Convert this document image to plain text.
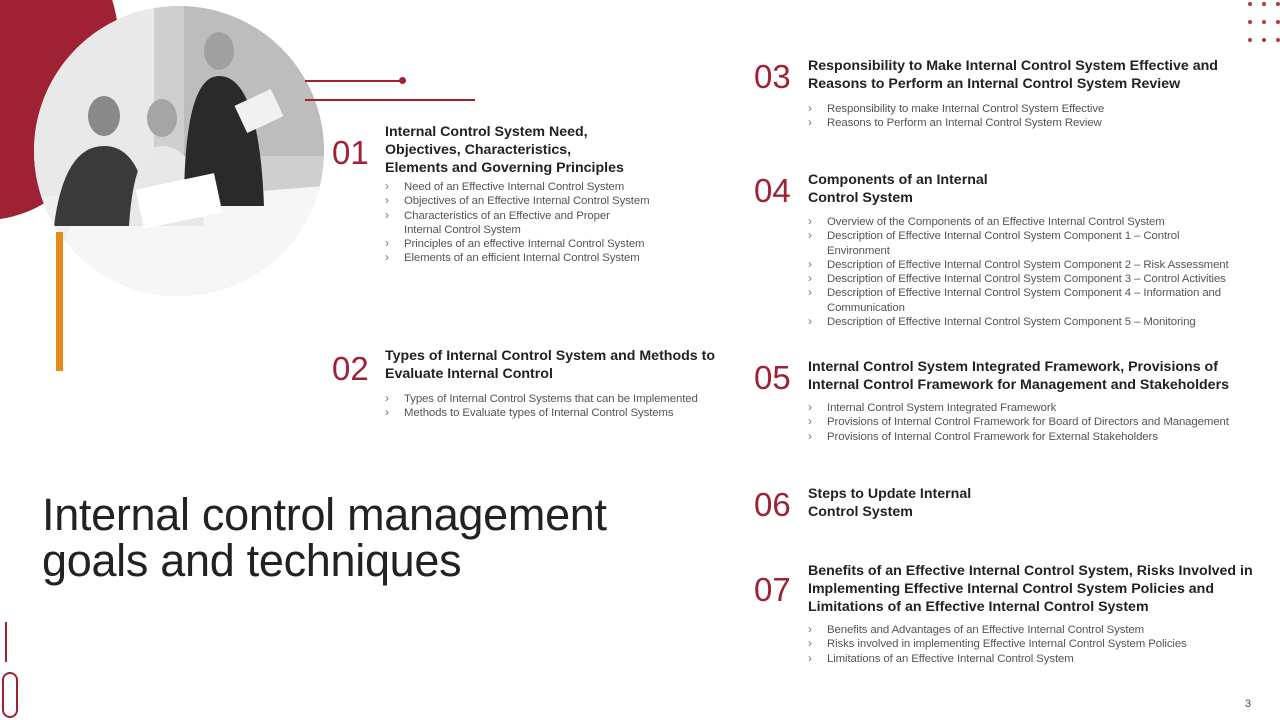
01

Internal Control System Need, Objectives, Characteristics, Elements and Governing Principles

› Need of an Effective Internal Control System
› Objectives of an Effective Internal Control System
› Characteristics of an Effective and Proper Internal Control System
› Principles of an effective Internal Control System
› Elements of an efficient Internal Control System
02 Types of Internal Control System and Methods to Evaluate Internal Control

› Types of Internal Control Systems that can be Implemented
› Methods to Evaluate types of Internal Control Systems
03 Responsibility to Make Internal Control System Effective and Reasons to Perform an Internal Control System Review

› Responsibility to make Internal Control System Effective
› Reasons to Perform an Internal Control System Review
04 Components of an Internal Control System

› Overview of the Components of an Effective Internal Control System
› Description of Effective Internal Control System Component 1 – Control Environment
› Description of Effective Internal Control System Component 2 – Risk Assessment
› Description of Effective Internal Control System Component 3 – Control Activities
› Description of Effective Internal Control System Component 4 – Information and Communication
› Description of Effective Internal Control System Component 5 – Monitoring
05 Internal Control System Integrated Framework, Provisions of Internal Control Framework for Management and Stakeholders

› Internal Control System Integrated Framework
› Provisions of Internal Control Framework for Board of Directors and Management
› Provisions of Internal Control Framework for External Stakeholders
06 Steps to Update Internal Control System

07 Benefits of an Effective Internal Control System, Risks Involved in Implementing Effective Internal Control System Policies and Limitations of an Effective Internal Control System

› Benefits and Advantages of an Effective Internal Control System
› Risks involved in implementing Effective Internal Control System Policies
› Limitations of an Effective Internal Control System
Internal control management goals and techniques
3
